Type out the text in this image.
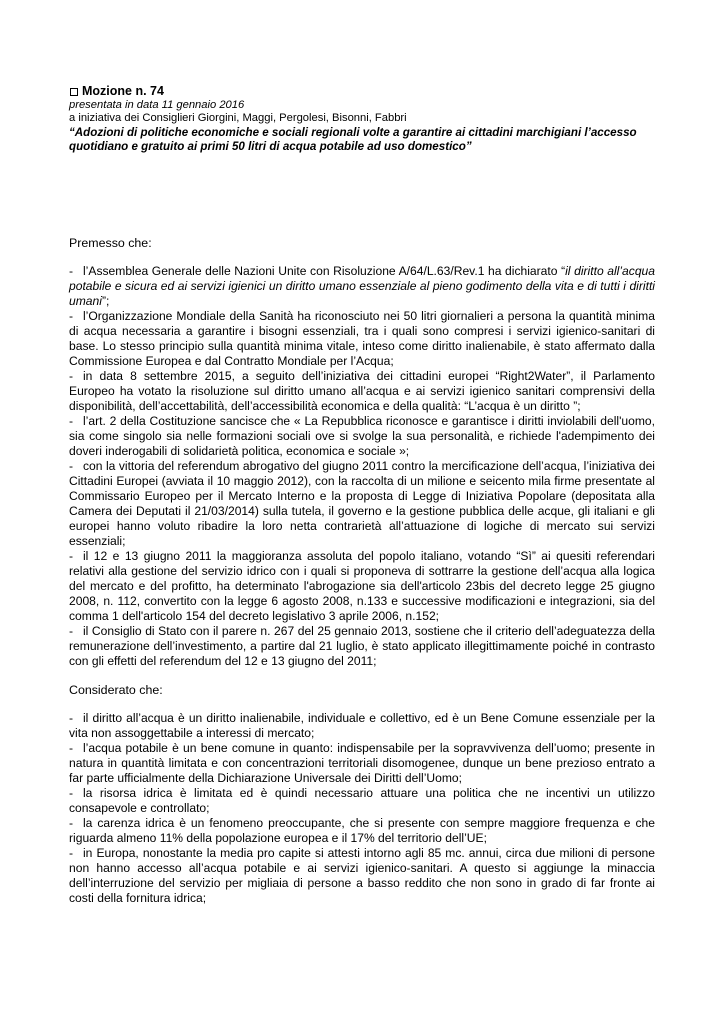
Mozione n. 74
presentata in data 11 gennaio 2016
a iniziativa dei Consiglieri Giorgini, Maggi, Pergolesi, Bisonni, Fabbri
“Adozioni di politiche economiche e sociali regionali volte a garantire ai cittadini marchigiani l’accesso quotidiano e gratuito ai primi 50 litri di acqua potabile ad uso domestico”
Premesso che:

- l’Assemblea Generale delle Nazioni Unite con Risoluzione A/64/L.63/Rev.1 ha dichiarato “il diritto all’acqua potabile e sicura ed ai servizi igienici un diritto umano essenziale al pieno godimento della vita e di tutti i diritti umani”;

- l’Organizzazione Mondiale della Sanità ha riconosciuto nei 50 litri giornalieri a persona la quantità minima di acqua necessaria a garantire i bisogni essenziali, tra i quali sono compresi i servizi igienico-sanitari di base. Lo stesso principio sulla quantità minima vitale, inteso come diritto inalienabile, è stato affermato dalla Commissione Europea e dal Contratto Mondiale per l’Acqua;

- in data 8 settembre 2015, a seguito dell’iniziativa dei cittadini europei “Right2Water”, il Parlamento Europeo ha votato la risoluzione sul diritto umano all’acqua e ai servizi igienico sanitari comprensivi della disponibilità, dell’accettabilità, dell’accessibilità economica e della qualità: “L’acqua è un diritto ”;

- l’art. 2 della Costituzione sancisce che « La Repubblica riconosce e garantisce i diritti inviolabili dell'uomo, sia come singolo sia nelle formazioni sociali ove si svolge la sua personalità, e richiede l'adempimento dei doveri inderogabili di solidarietà politica, economica e sociale »;

- con la vittoria del referendum abrogativo del giugno 2011 contro la mercificazione dell’acqua, l’iniziativa dei Cittadini Europei (avviata il 10 maggio 2012), con la raccolta di un milione e seicento mila firme presentate al Commissario Europeo per il Mercato Interno e la proposta di Legge di Iniziativa Popolare (depositata alla Camera dei Deputati il 21/03/2014) sulla tutela, il governo e la gestione pubblica delle acque, gli italiani e gli europei hanno voluto ribadire la loro netta contrarietà all’attuazione di logiche di mercato sui servizi essenziali;

- il 12 e 13 giugno 2011 la maggioranza assoluta del popolo italiano, votando “Sì” ai quesiti referendari relativi alla gestione del servizio idrico con i quali si proponeva di sottrarre la gestione dell’acqua alla logica del mercato e del profitto, ha determinato l'abrogazione sia dell'articolo 23bis del decreto legge 25 giugno 2008, n. 112, convertito con la legge 6 agosto 2008, n.133 e successive modificazioni e integrazioni, sia del comma 1 dell'articolo 154 del decreto legislativo 3 aprile 2006, n.152;

- il Consiglio di Stato con il parere n. 267 del 25 gennaio 2013, sostiene che il criterio dell’adeguatezza della remunerazione dell’investimento, a partire dal 21 luglio, è stato applicato illegittimamente poiché in contrasto con gli effetti del referendum del 12 e 13 giugno del 2011;

Considerato che:

- il diritto all’acqua è un diritto inalienabile, individuale e collettivo, ed è un Bene Comune essenziale per la vita non assoggettabile a interessi di mercato;

- l’acqua potabile è un bene comune in quanto: indispensabile per la sopravvivenza dell’uomo; presente in natura in quantità limitata e con concentrazioni territoriali disomogenee, dunque un bene prezioso entrato a far parte ufficialmente della Dichiarazione Universale dei Diritti dell’Uomo;

- la risorsa idrica è limitata ed è quindi necessario attuare una politica che ne incentivi un utilizzo consapevole e controllato;

- la carenza idrica è un fenomeno preoccupante, che si presente con sempre maggiore frequenza e che riguarda almeno 11% della popolazione europea e il 17% del territorio dell’UE;

- in Europa, nonostante la media pro capite si attesti intorno agli 85 mc. annui, circa due milioni di persone non hanno accesso all’acqua potabile e ai servizi igienico-sanitari. A questo si aggiunge la minaccia dell’interruzione del servizio per migliaia di persone a basso reddito che non sono in grado di far fronte ai costi della fornitura idrica;
